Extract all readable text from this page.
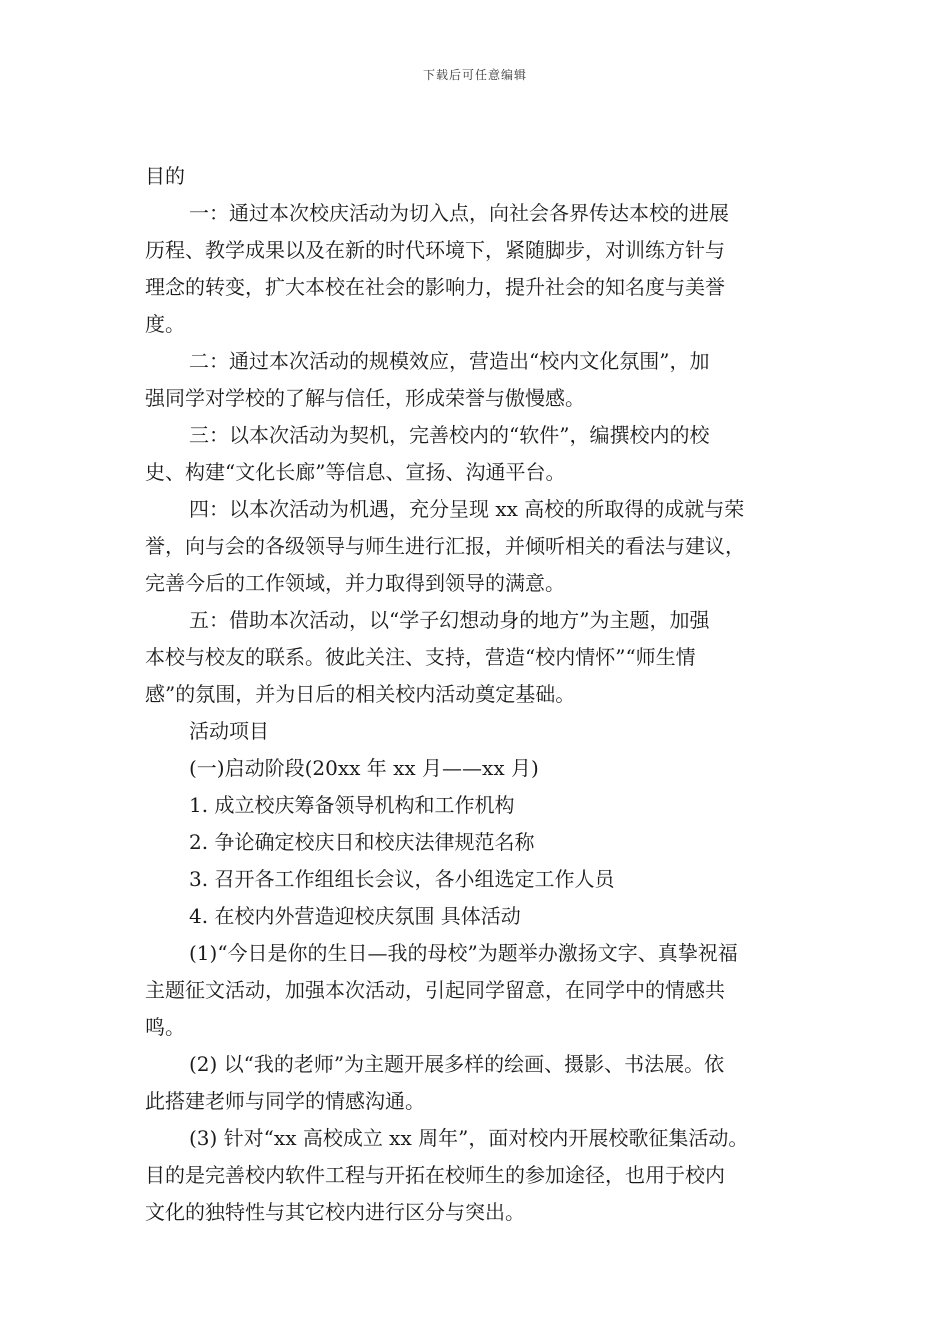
下载后可任意编辑
目的
一：通过本次校庆活动为切入点，向社会各界传达本校的进展
历程、教学成果以及在新的时代环境下，紧随脚步，对训练方针与
理念的转变，扩大本校在社会的影响力，提升社会的知名度与美誉
度。
二：通过本次活动的规模效应，营造出“校内文化氛围”，加
强同学对学校的了解与信任，形成荣誉与傲慢感。
三：以本次活动为契机，完善校内的“软件”，编撰校内的校
史、构建“文化长廊”等信息、宣扬、沟通平台。
四：以本次活动为机遇，充分呈现 xx 高校的所取得的成就与荣
誉，向与会的各级领导与师生进行汇报，并倾听相关的看法与建议，
完善今后的工作领域，并力取得到领导的满意。
五：借助本次活动，以“学子幻想动身的地方”为主题，加强
本校与校友的联系。彼此关注、支持，营造“校内情怀”“师生情
感”的氛围，并为日后的相关校内活动奠定基础。
活动项目
(一)启动阶段(20xx 年 xx 月——xx 月)
1. 成立校庆筹备领导机构和工作机构
2. 争论确定校庆日和校庆法律规范名称
3. 召开各工作组组长会议，各小组选定工作人员
4. 在校内外营造迎校庆氛围 具体活动
(1)“今日是你的生日—我的母校”为题举办激扬文字、真挚祝福
主题征文活动，加强本次活动，引起同学留意，在同学中的情感共
鸣。
(2) 以“我的老师”为主题开展多样的绘画、摄影、书法展。依
此搭建老师与同学的情感沟通。
(3) 针对“xx 高校成立 xx 周年”，面对校内开展校歌征集活动。
目的是完善校内软件工程与开拓在校师生的参加途径，也用于校内
文化的独特性与其它校内进行区分与突出。
